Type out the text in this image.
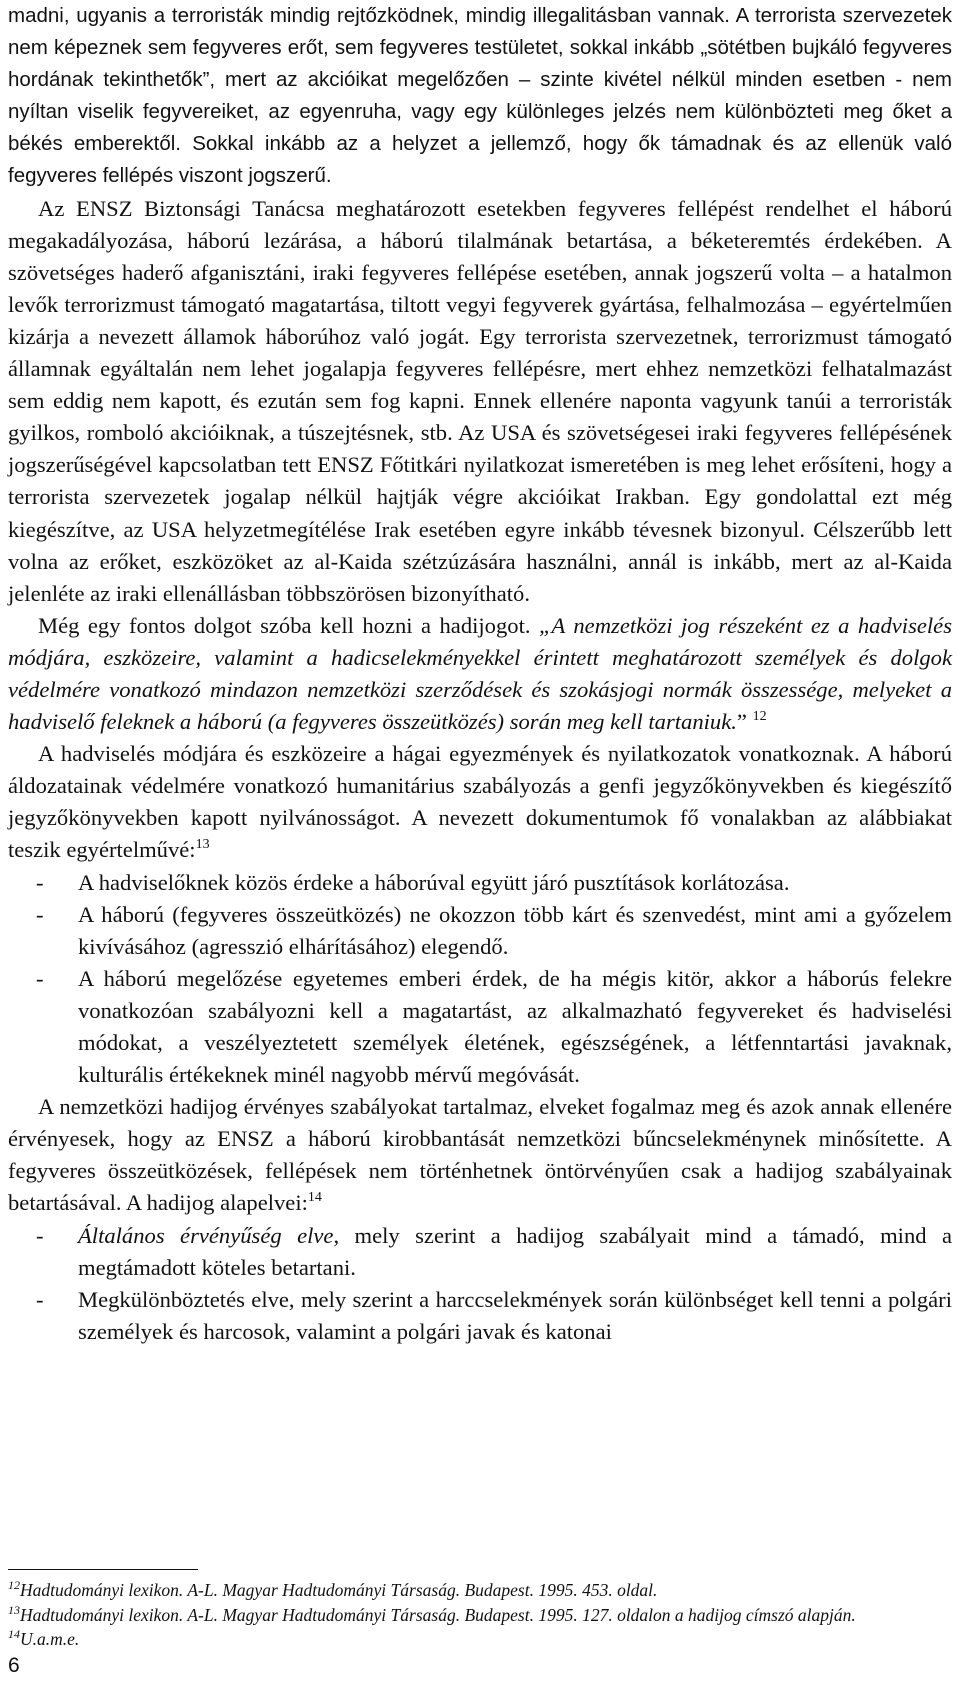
madni, ugyanis a terroristák mindig rejtőzködnek, mindig illegalitásban vannak. A terrorista szervezetek nem képeznek sem fegyveres erőt, sem fegyveres testületet, sokkal inkább „sötétben bujkáló fegyveres hordának tekinthetők”, mert az akcióikat megelőzően – szinte kivétel nélkül minden esetben - nem nyíltan viselik fegyvereiket, az egyenruha, vagy egy különleges jelzés nem különbözteti meg őket a békés emberektől. Sokkal inkább az a helyzet a jellemző, hogy ők támadnak és az ellenük való fegyveres fellépés viszont jogszerű.

Az ENSZ Biztonsági Tanácsa meghatározott esetekben fegyveres fellépést rendelhet el háború megakadályozása, háború lezárása, a háború tilalmának betartása, a béketeremtés érdekében. A szövetséges haderő afganisztáni, iraki fegyveres fellépése esetében, annak jogszerű volta – a hatalmon levők terrorizmust támogató magatartása, tiltott vegyi fegyverek gyártása, felhalmozása – egyértelműen kizárja a nevezett államok háborúhoz való jogát. Egy terrorista szervezetnek, terrorizmust támogató államnak egyáltalán nem lehet jogalapja fegyveres fellépésre, mert ehhez nemzetközi felhatalmazást sem eddig nem kapott, és ezután sem fog kapni. Ennek ellenére naponta vagyunk tanúi a terroristák gyilkos, romboló akcióiknak, a túszejtésnek, stb. Az USA és szövetségesei iraki fegyveres fellépésének jogszerűségével kapcsolatban tett ENSZ Főtitkári nyilatkozat ismeretében is meg lehet erősíteni, hogy a terrorista szervezetek jogalap nélkül hajtják végre akcióikat Irakban. Egy gondolattal ezt még kiegészítve, az USA helyzetmegítélése Irak esetében egyre inkább tévesnek bizonyul. Célszerűbb lett volna az erőket, eszközöket az al-Kaida szétzúzására használni, annál is inkább, mert az al-Kaida jelenléte az iraki ellenállásban többszörösen bizonyítható.

Még egy fontos dolgot szóba kell hozni a hadijogot. „A nemzetközi jog részeként ez a hadviselés módjára, eszközeire, valamint a hadicselekményekkel érintett meghatározott személyek és dolgok védelmére vonatkozó mindazon nemzetközi szerződések és szokásjogi normák összessége, melyeket a hadviselő feleknek a háború (a fegyveres összeütközés) során meg kell tartaniuk.” $^{12}$

A hadviselés módjára és eszközeire a hágai egyezmények és nyilatkozatok vonatkoznak. A háború áldozatainak védelmére vonatkozó humanitárius szabályozás a genfi jegyzőkönyvekben és kiegészítő jegyzőkönyvekben kapott nyilvánosságot. A nevezett dokumentumok fő vonalakban az alábbiakat teszik egyértelművé:$^{13}$

- A hadviselőknek közös érdeke a háborúval együtt járó pusztítások korlátozása.
- A háború (fegyveres összeütközés) ne okozzon több kárt és szenvedést, mint ami a győzelem kivívásához (agresszió elhárításához) elegendő.
- A háború megelőzése egyetemes emberi érdek, de ha mégis kitör, akkor a háborús felekre vonatkozóan szabályozni kell a magatartást, az alkalmazható fegyvereket és hadviselési módokat, a veszélyeztetett személyek életének, egészségének, a létfenntartási javaknak, kulturális értékeknek minél nagyobb mérvű megóvását.

A nemzetközi hadijog érvényes szabályokat tartalmaz, elveket fogalmaz meg és azok annak ellenére érvényesek, hogy az ENSZ a háború kirobbantását nemzetközi bűncselekménynek minősítette. A fegyveres összeütközések, fellépések nem történhetnek öntörvényűen csak a hadijog szabályainak betartásával. A hadijog alapelvei:$^{14}$

- Általános érvényűség elve, mely szerint a hadijog szabályait mind a támadó, mind a megtámadott köteles betartani.
- Megkülönböztetés elve, mely szerint a harccselekmények során különbséget kell tenni a polgári személyek és harcosok, valamint a polgári javak és katonai
$^{12}$Hadtudományi lexikon. A-L. Magyar Hadtudományi Társaság. Budapest. 1995. 453. oldal.
$^{13}$Hadtudományi lexikon. A-L. Magyar Hadtudományi Társaság. Budapest. 1995. 127. oldalon a hadijog címszó alapján.
$^{14}$U.a.m.e.
6
